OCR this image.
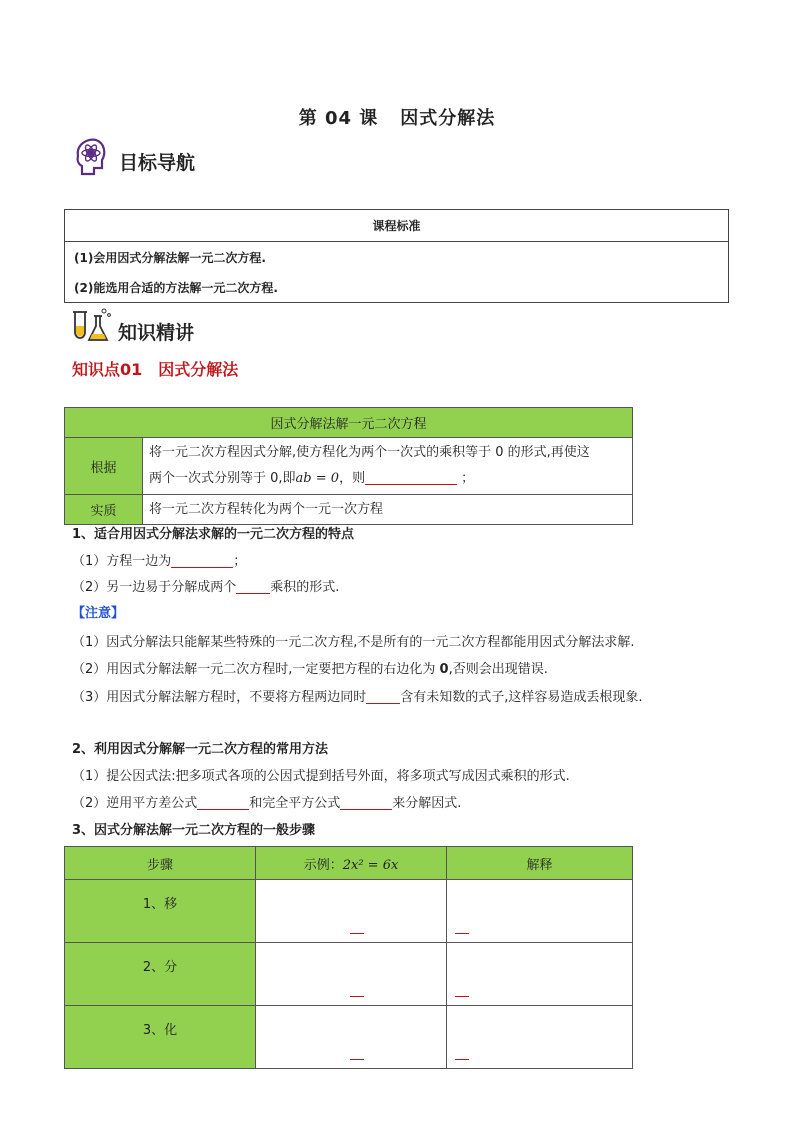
第 04 课 因式分解法
目标导航
课程标准
(1)会用因式分解法解一元二次方程.
(2)能选用合适的方法解一元二次方程.
知识精讲
知识点01　因式分解法
因式分解法解一元二次方程	
根据	将一元二次方程因式分解,使方程化为两个一次式的乘积等于 0 的形式,再使这
两个一次式分别等于 0,即ab = 0，则 ；
实质	将一元二次方程转化为两个一元一次方程
1、适合用因式分解法求解的一元二次方程的特点
（1）方程一边为	；
（2）另一边易于分解成两个	乘积的形式.
【注意】
（1）因式分解法只能解某些特殊的一元二次方程,不是所有的一元二次方程都能用因式分解法求解.
（2）用因式分解法解一元二次方程时,一定要把方程的右边化为 0,否则会出现错误.
（3）用因式分解法解方程时，不要将方程两边同时	含有未知数的式子,这样容易造成丢根现象.
2、利用因式分解解一元二次方程的常用方法
（1）提公因式法:把多项式各项的公因式提到括号外面，将多项式写成因式乘积的形式.
（2）逆用平方差公式	和完全平方公式	来分解因式.
3、因式分解法解一元二次方程的一般步骤
步骤	示例：2x² = 6x	解释
1、移	

2、分	

3、化	
